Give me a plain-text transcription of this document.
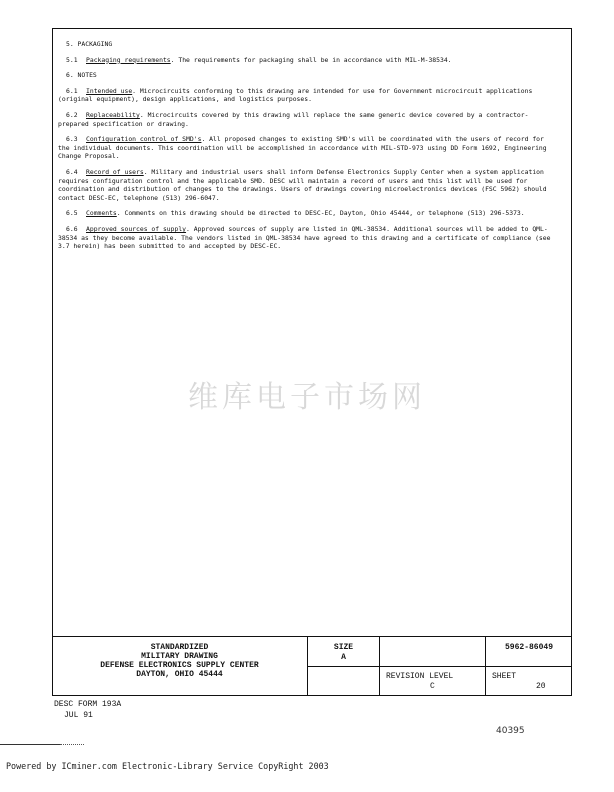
5. PACKAGING
5.1 Packaging requirements. The requirements for packaging shall be in accordance with MIL-M-38534.
6. NOTES
6.1 Intended use. Microcircuits conforming to this drawing are intended for use for Government microcircuit applications (original equipment), design applications, and logistics purposes.
6.2 Replaceability. Microcircuits covered by this drawing will replace the same generic device covered by a contractor-prepared specification or drawing.
6.3 Configuration control of SMD's. All proposed changes to existing SMD's will be coordinated with the users of record for the individual documents. This coordination will be accomplished in accordance with MIL-STD-973 using DD Form 1692, Engineering Change Proposal.
6.4 Record of users. Military and industrial users shall inform Defense Electronics Supply Center when a system application requires configuration control and the applicable SMD. DESC will maintain a record of users and this list will be used for coordination and distribution of changes to the drawings. Users of drawings covering microelectronics devices (FSC 5962) should contact DESC-EC, telephone (513) 296-6047.
6.5 Comments. Comments on this drawing should be directed to DESC-EC, Dayton, Ohio 45444, or telephone (513) 296-5373.
6.6 Approved sources of supply. Approved sources of supply are listed in QML-38534. Additional sources will be added to QML-38534 as they become available. The vendors listed in QML-38534 have agreed to this drawing and a certificate of compliance (see 3.7 herein) has been submitted to and accepted by DESC-EC.
维库电子市场网
STANDARDIZED
MILITARY DRAWING
DEFENSE ELECTRONICS SUPPLY CENTER
DAYTON, OHIO 45444
SIZE
A
5962-86049
REVISION LEVEL
C
SHEET
20
DESC FORM 193A
JUL 91
40395
Powered by ICminer.com Electronic-Library Service CopyRight 2003
